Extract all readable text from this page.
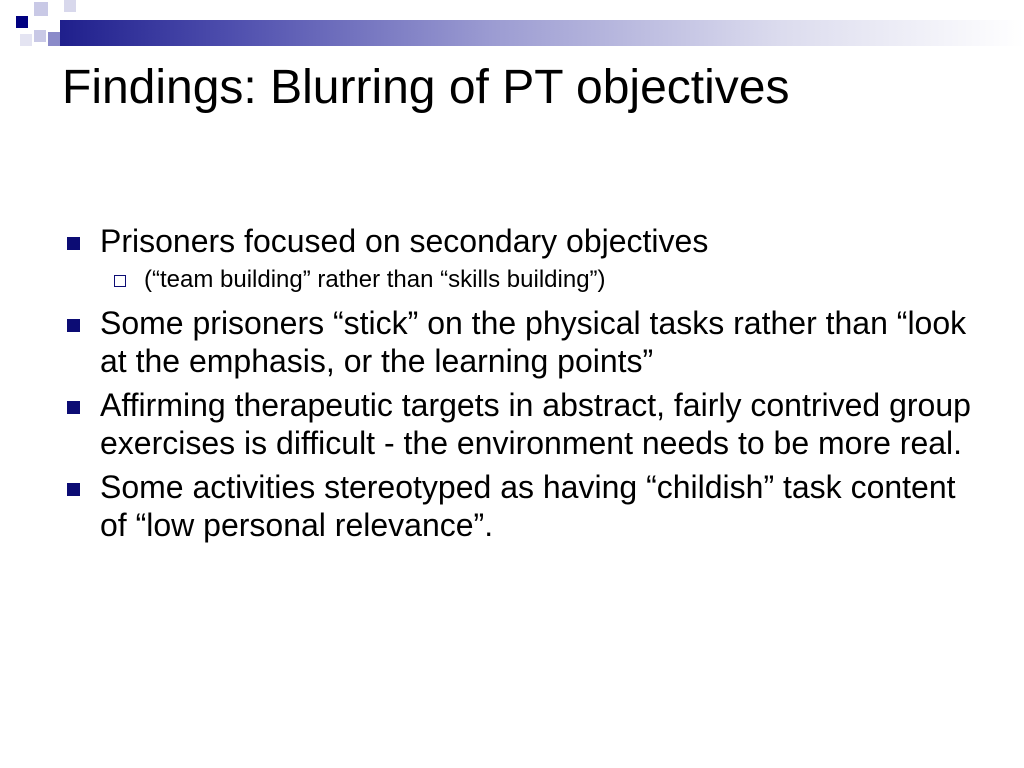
Findings: Blurring of PT objectives
Prisoners focused on secondary objectives
(“team building” rather than “skills building”)
Some prisoners “stick” on the physical tasks rather than “look at the emphasis, or the learning points”
Affirming therapeutic targets in abstract, fairly contrived group exercises is difficult - the environment needs to be more real.
Some activities stereotyped as having “childish” task content of “low personal relevance”.
